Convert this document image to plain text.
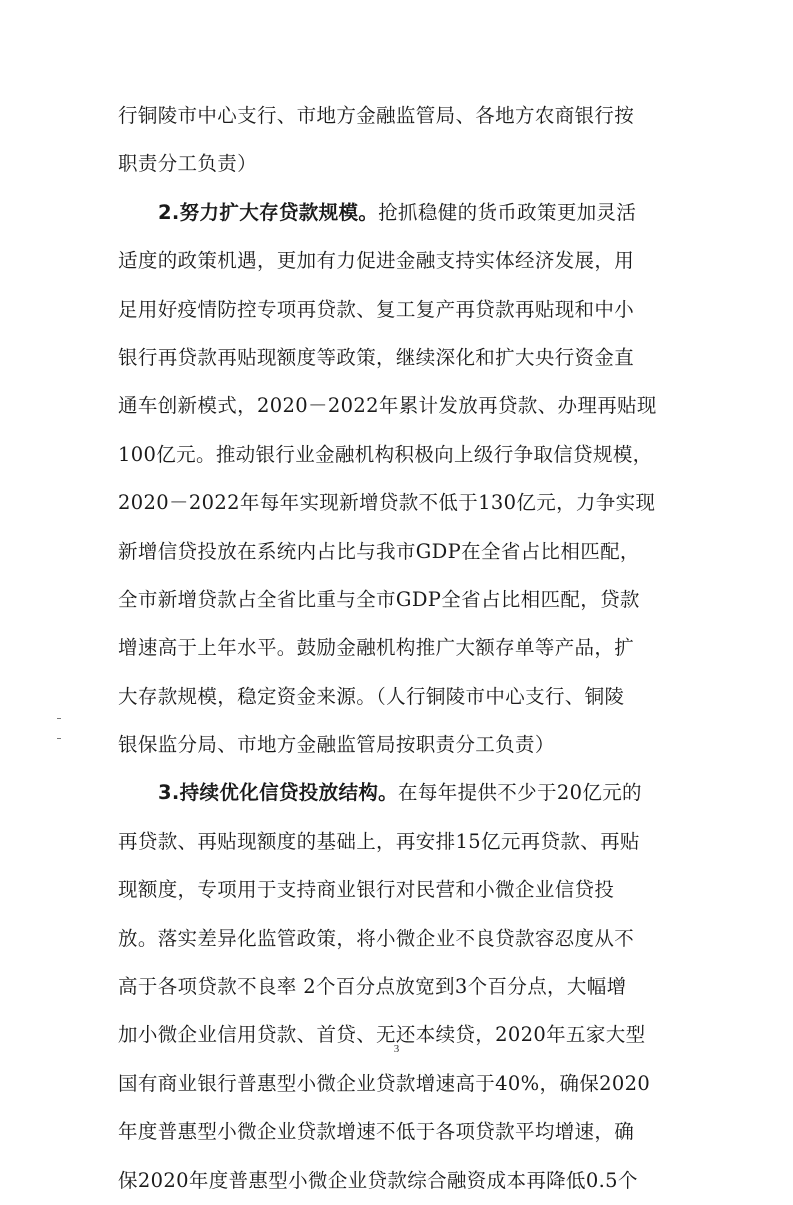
行铜陵市中心支行、市地方金融监管局、各地方农商银行按
职责分工负责）
2.努力扩大存贷款规模。抢抓稳健的货币政策更加灵活
适度的政策机遇，更加有力促进金融支持实体经济发展，用
足用好疫情防控专项再贷款、复工复产再贷款再贴现和中小
银行再贷款再贴现额度等政策，继续深化和扩大央行资金直
通车创新模式，2020－2022年累计发放再贷款、办理再贴现
100亿元。推动银行业金融机构积极向上级行争取信贷规模，
2020－2022年每年实现新增贷款不低于130亿元，力争实现
新增信贷投放在系统内占比与我市GDP在全省占比相匹配，
全市新增贷款占全省比重与全市GDP全省占比相匹配，贷款
增速高于上年水平。鼓励金融机构推广大额存单等产品，扩
大存款规模，稳定资金来源。（人行铜陵市中心支行、铜陵
银保监分局、市地方金融监管局按职责分工负责）
3.持续优化信贷投放结构。在每年提供不少于20亿元的
再贷款、再贴现额度的基础上，再安排15亿元再贷款、再贴
现额度，专项用于支持商业银行对民营和小微企业信贷投
放。落实差异化监管政策，将小微企业不良贷款容忍度从不
高于各项贷款不良率 2个百分点放宽到3个百分点，大幅增
加小微企业信用贷款、首贷、无还本续贷，2020年五家大型
国有商业银行普惠型小微企业贷款增速高于40%，确保2020
年度普惠型小微企业贷款增速不低于各项贷款平均增速，确
保2020年度普惠型小微企业贷款综合融资成本再降低0.5个
3
